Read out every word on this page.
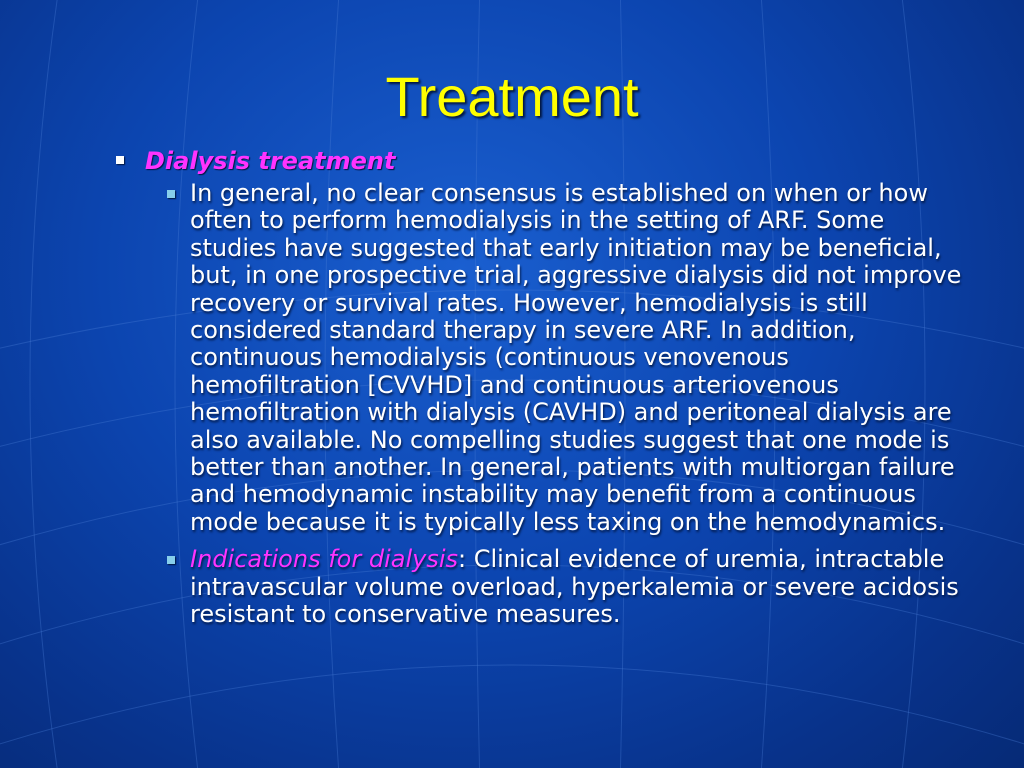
Treatment
Dialysis treatment
In general, no clear consensus is established on when or how often to perform hemodialysis in the setting of ARF. Some studies have suggested that early initiation may be beneficial, but, in one prospective trial, aggressive dialysis did not improve recovery or survival rates. However, hemodialysis is still considered standard therapy in severe ARF. In addition, continuous hemodialysis (continuous venovenous hemofiltration [CVVHD] and continuous arteriovenous hemofiltration with dialysis (CAVHD) and peritoneal dialysis are also available. No compelling studies suggest that one mode is better than another. In general, patients with multiorgan failure and hemodynamic instability may benefit from a continuous mode because it is typically less taxing on the hemodynamics.
Indications for dialysis: Clinical evidence of uremia, intractable intravascular volume overload, hyperkalemia or severe acidosis resistant to conservative measures.
